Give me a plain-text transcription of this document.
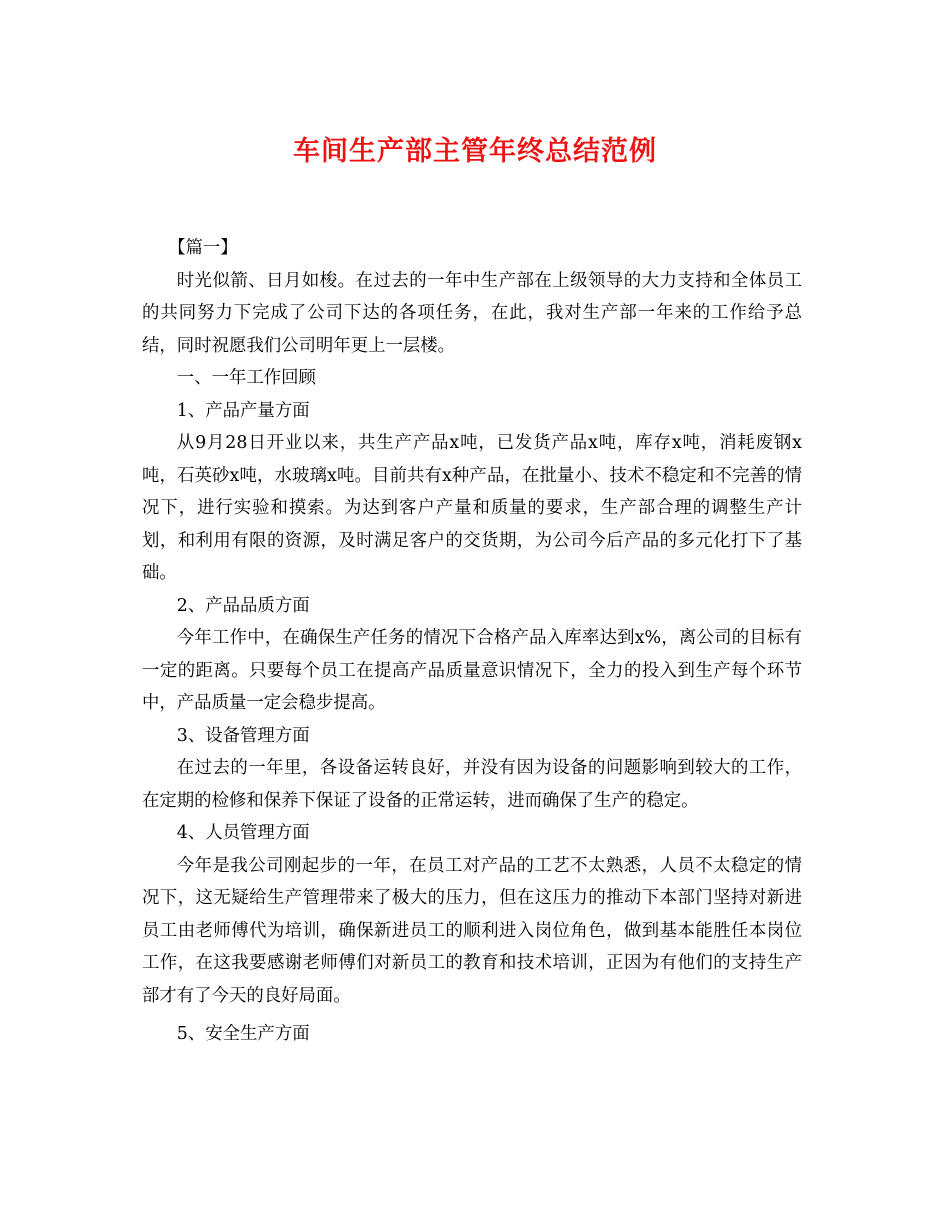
车间生产部主管年终总结范例

【篇一】

时光似箭、日月如梭。在过去的一年中生产部在上级领导的大力支持和全体员工的共同努力下完成了公司下达的各项任务，在此，我对生产部一年来的工作给予总结，同时祝愿我们公司明年更上一层楼。

一、一年工作回顾

1、产品产量方面

从9月28日开业以来，共生产产品x吨，已发货产品x吨，库存x吨，消耗废钢x吨，石英砂x吨，水玻璃x吨。目前共有x种产品，在批量小、技术不稳定和不完善的情况下，进行实验和摸索。为达到客户产量和质量的要求，生产部合理的调整生产计划，和利用有限的资源，及时满足客户的交货期，为公司今后产品的多元化打下了基础。

2、产品品质方面

今年工作中，在确保生产任务的情况下合格产品入库率达到x%，离公司的目标有一定的距离。只要每个员工在提高产品质量意识情况下，全力的投入到生产每个环节中，产品质量一定会稳步提高。

3、设备管理方面

在过去的一年里，各设备运转良好，并没有因为设备的问题影响到较大的工作，在定期的检修和保养下保证了设备的正常运转，进而确保了生产的稳定。

4、人员管理方面

今年是我公司刚起步的一年，在员工对产品的工艺不太熟悉，人员不太稳定的情况下，这无疑给生产管理带来了极大的压力，但在这压力的推动下本部门坚持对新进员工由老师傅代为培训，确保新进员工的顺利进入岗位角色，做到基本能胜任本岗位工作，在这我要感谢老师傅们对新员工的教育和技术培训，正因为有他们的支持生产部才有了今天的良好局面。

5、安全生产方面
